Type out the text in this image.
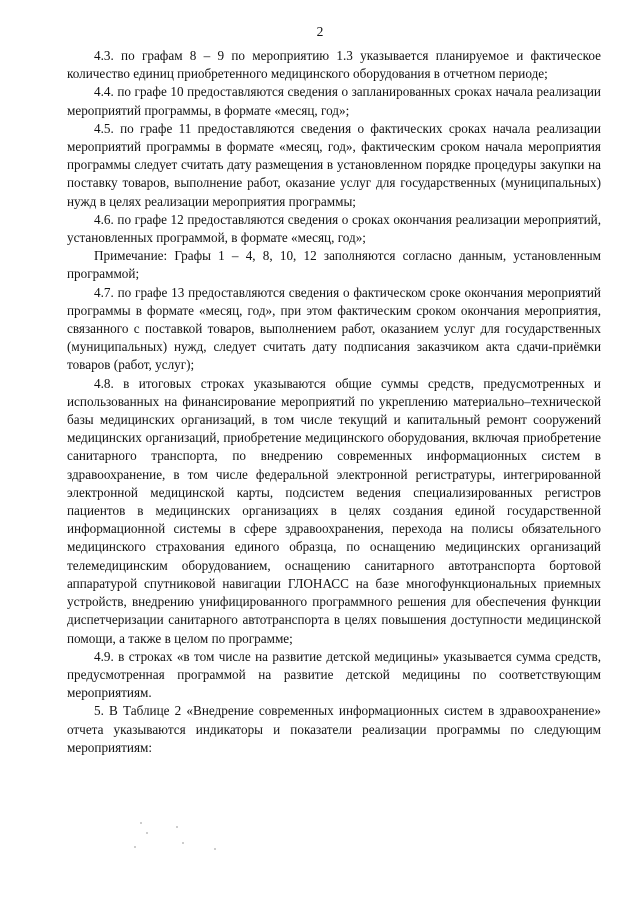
2

4.3. по графам 8 – 9 по мероприятию 1.3 указывается планируемое и фактическое количество единиц приобретенного медицинского оборудования в отчетном периоде;

4.4. по графе 10 предоставляются сведения о запланированных сроках начала реализации мероприятий программы, в формате «месяц, год»;

4.5. по графе 11 предоставляются сведения о фактических сроках начала реализации мероприятий программы в формате «месяц, год», фактическим сроком начала мероприятия программы следует считать дату размещения в установленном порядке процедуры закупки на поставку товаров, выполнение работ, оказание услуг для государственных (муниципальных) нужд в целях реализации мероприятия программы;

4.6. по графе 12 предоставляются сведения о сроках окончания реализации мероприятий, установленных программой, в формате «месяц, год»;

Примечание: Графы 1 – 4, 8, 10, 12 заполняются согласно данным, установленным программой;

4.7. по графе 13 предоставляются сведения о фактическом сроке окончания мероприятий программы в формате «месяц, год», при этом фактическим сроком окончания мероприятия, связанного с поставкой товаров, выполнением работ, оказанием услуг для государственных (муниципальных) нужд, следует считать дату подписания заказчиком акта сдачи-приёмки товаров (работ, услуг);

4.8. в итоговых строках указываются общие суммы средств, предусмотренных и использованных на финансирование мероприятий по укреплению материально–технической базы медицинских организаций, в том числе текущий и капитальный ремонт сооружений медицинских организаций, приобретение медицинского оборудования, включая приобретение санитарного транспорта, по внедрению современных информационных систем в здравоохранение, в том числе федеральной электронной регистратуры, интегрированной электронной медицинской карты, подсистем ведения специализированных регистров пациентов в медицинских организациях в целях создания единой государственной информационной системы в сфере здравоохранения, перехода на полисы обязательного медицинского страхования единого образца, по оснащению медицинских организаций телемедицинским оборудованием, оснащению санитарного автотранспорта бортовой аппаратурой спутниковой навигации ГЛОНАСС на базе многофункциональных приемных устройств, внедрению унифицированного программного решения для обеспечения функции диспетчеризации санитарного автотранспорта в целях повышения доступности медицинской помощи, а также в целом по программе;

4.9. в строках «в том числе на развитие детской медицины» указывается сумма средств, предусмотренная программой на развитие детской медицины по соответствующим мероприятиям.

5. В Таблице 2 «Внедрение современных информационных систем в здравоохранение» отчета указываются индикаторы и показатели реализации программы по следующим мероприятиям:
